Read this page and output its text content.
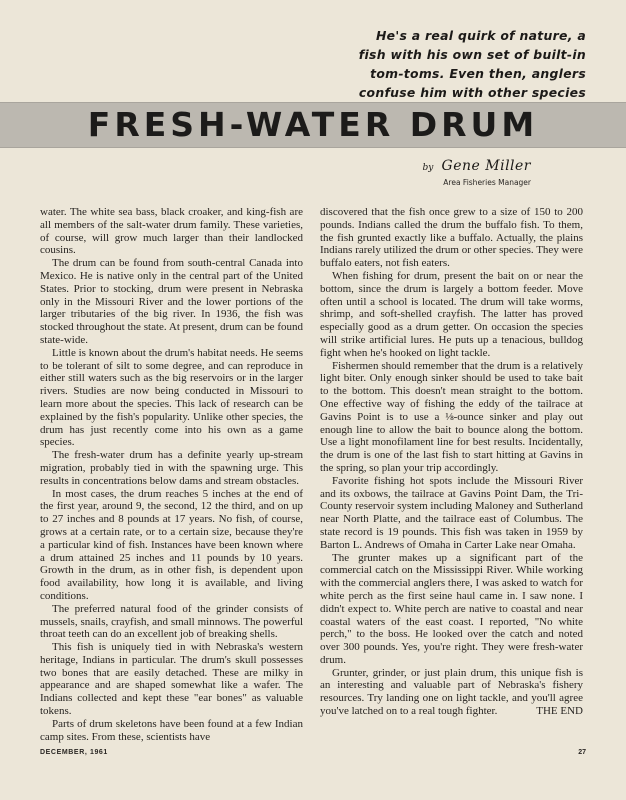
He's a real quirk of nature, a
fish with his own set of built-in
tom-toms. Even then, anglers
confuse him with other species
FRESH-WATER DRUM
by Gene Miller
Area Fisheries Manager

water. The white sea bass, black croaker, and king-fish are all members of the salt-water drum family. These varieties, of course, will grow much larger than their landlocked cousins.

The drum can be found from south-central Canada into Mexico. He is native only in the central part of the United States. Prior to stocking, drum were present in Nebraska only in the Missouri River and the lower portions of the larger tributaries of the big river. In 1936, the fish was stocked throughout the state. At present, drum can be found state-wide.

Little is known about the drum's habitat needs. He seems to be tolerant of silt to some degree, and can reproduce in either still waters such as the big reservoirs or in the larger rivers. Studies are now being conducted in Missouri to learn more about the species. This lack of research can be explained by the fish's popularity. Unlike other species, the drum has just recently come into his own as a game species.

The fresh-water drum has a definite yearly up-stream migration, probably tied in with the spawning urge. This results in concentrations below dams and stream obstacles.

In most cases, the drum reaches 5 inches at the end of the first year, around 9, the second, 12 the third, and on up to 27 inches and 8 pounds at 17 years. No fish, of course, grows at a certain rate, or to a certain size, because they're a particular kind of fish. Instances have been known where a drum attained 25 inches and 11 pounds by 10 years. Growth in the drum, as in other fish, is dependent upon food availability, how long it is available, and living conditions.

The preferred natural food of the grinder consists of mussels, snails, crayfish, and small minnows. The powerful throat teeth can do an excellent job of breaking shells.

This fish is uniquely tied in with Nebraska's western heritage, Indians in particular. The drum's skull possesses two bones that are easily detached. These are milky in appearance and are shaped somewhat like a wafer. The Indians collected and kept these "ear bones" as valuable tokens.

Parts of drum skeletons have been found at a few Indian camp sites. From these, scientists have

discovered that the fish once grew to a size of 150 to 200 pounds. Indians called the drum the buffalo fish. To them, the fish grunted exactly like a buffalo. Actually, the plains Indians rarely utilized the drum or other species. They were buffalo eaters, not fish eaters.

When fishing for drum, present the bait on or near the bottom, since the drum is largely a bottom feeder. Move often until a school is located. The drum will take worms, shrimp, and soft-shelled crayfish. The latter has proved especially good as a drum getter. On occasion the species will strike artificial lures. He puts up a tenacious, bulldog fight when he's hooked on light tackle.

Fishermen should remember that the drum is a relatively light biter. Only enough sinker should be used to take bait to the bottom. This doesn't mean straight to the bottom. One effective way of fishing the eddy of the tailrace at Gavins Point is to use a ⅛-ounce sinker and play out enough line to allow the bait to bounce along the bottom. Use a light monofilament line for best results. Incidentally, the drum is one of the last fish to start hitting at Gavins in the spring, so plan your trip accordingly.

Favorite fishing hot spots include the Missouri River and its oxbows, the tailrace at Gavins Point Dam, the Tri-County reservoir system including Maloney and Sutherland near North Platte, and the tailrace east of Columbus. The state record is 19 pounds. This fish was taken in 1959 by Barton L. Andrews of Omaha in Carter Lake near Omaha.

The grunter makes up a significant part of the commercial catch on the Mississippi River. While working with the commercial anglers there, I was asked to watch for white perch as the first seine haul came in. I saw none. I didn't expect to. White perch are native to coastal and near coastal waters of the east coast. I reported, "No white perch," to the boss. He looked over the catch and noted over 300 pounds. Yes, you're right. They were fresh-water drum.

Grunter, grinder, or just plain drum, this unique fish is an interesting and valuable part of Nebraska's fishery resources. Try landing one on light tackle, and you'll agree you've latched on to a real tough fighter.	THE END

DECEMBER, 1961	27
